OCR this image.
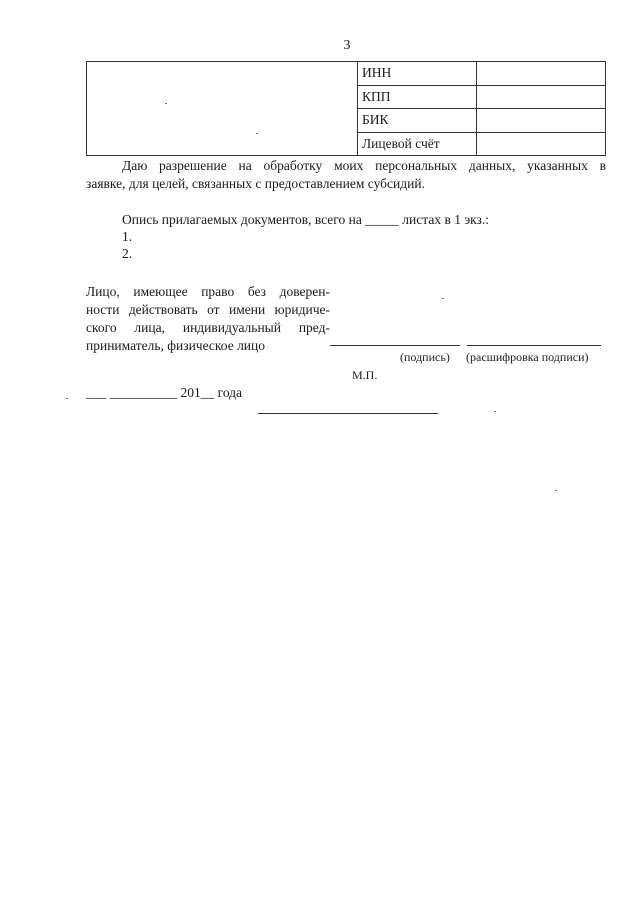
3
	ИНН	
	КПП	
	БИК	
	Лицевой счёт	

Даю разрешение на обработку моих персональных данных, указанных в

заявке, для целей, связанных с предоставлением субсидий.

Опись прилагаемых документов, всего на _____ листах в 1 экз.:
1.
2.
Лицо, имеющее право без доверен-
ности действовать от имени юридиче-
ского лица, индивидуальный пред-
приниматель, физическое лицо
(подпись) (расшифровка подписи)
М.П.
___ __________ 201__ года
